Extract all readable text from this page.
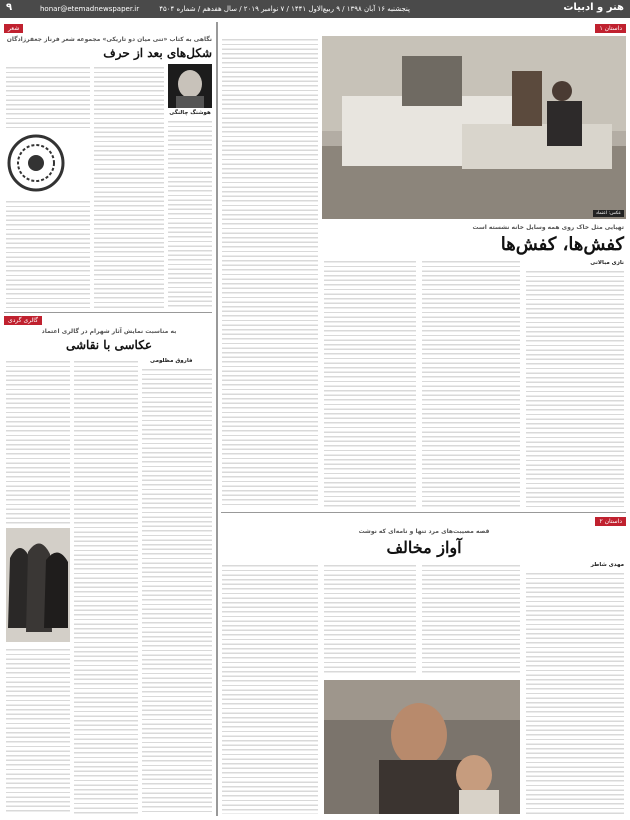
هنر و ادبیات
پنجشنبه ۱۶ آبان ۱۳۹۸ / ۹ ربیع‌الاول ۱۴۴۱ / ۷ نوامبر ۲۰۱۹ / سال هفدهم / شماره ۴۵۰۴
honar@etemadnewspaper.ir
۹
داستان ۱
عکس: اعتماد
تهیایی مثل خاک روی همه وسایل خانه نشسته است
کفش‌ها، کفش‌ها
نازی مبالانی
داستان ۲
قصه مصیبت‌های مرد تنها و نامه‌ای که نوشت
آواز مخالف
مهدی شاطر
شعر
نگاهی به کتاب «تنی میان دو تاریکی» مجموعه شعر فرناز جعفرزادگان
شکل‌های بعد از حرف
هوشنگ چالنگی
گالری گردی
به مناسبت نمایش آثار شهرام در گالری اعتماد
عکاسی با نقاشی
فاروق مظلومی
